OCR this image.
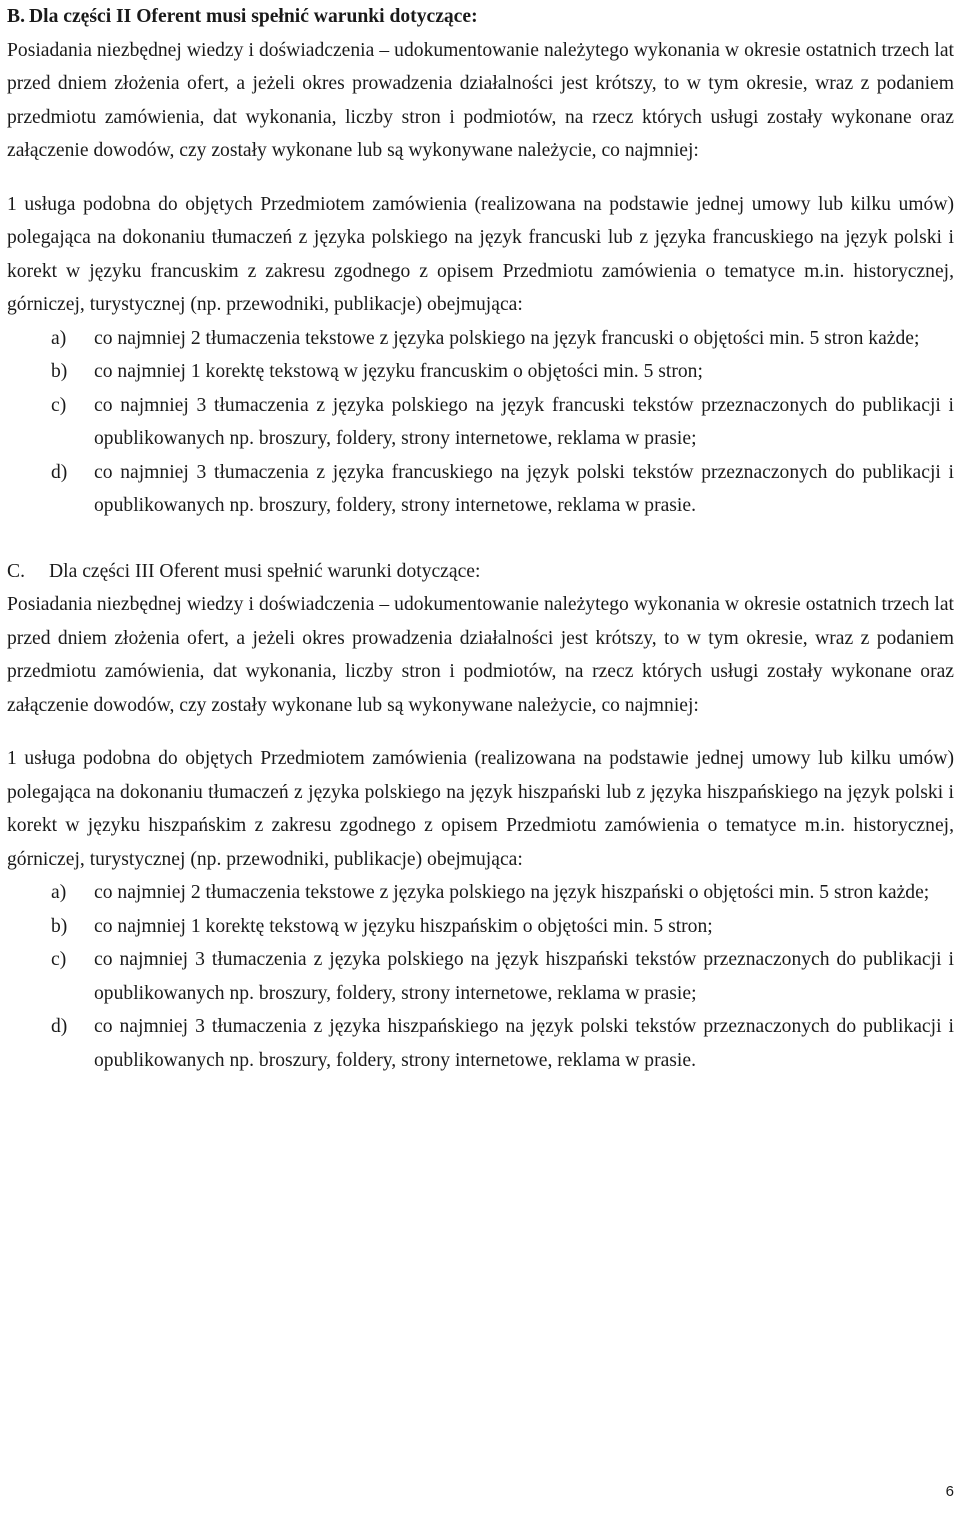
B. Dla części II Oferent musi spełnić warunki dotyczące:

Posiadania niezbędnej wiedzy i doświadczenia – udokumentowanie należytego wykonania w okresie ostatnich trzech lat przed dniem złożenia ofert, a jeżeli okres prowadzenia działalności jest krótszy, to w tym okresie, wraz z podaniem przedmiotu zamówienia, dat wykonania, liczby stron i podmiotów, na rzecz których usługi zostały wykonane oraz załączenie dowodów, czy zostały wykonane lub są wykonywane należycie, co najmniej:

1 usługa podobna do objętych Przedmiotem zamówienia (realizowana na podstawie jednej umowy lub kilku umów) polegająca na dokonaniu tłumaczeń z języka polskiego na język francuski lub z języka francuskiego na język polski i korekt w języku francuskim z zakresu zgodnego z opisem Przedmiotu zamówienia o tematyce m.in. historycznej, górniczej, turystycznej (np. przewodniki, publikacje) obejmująca:

a) co najmniej 2 tłumaczenia tekstowe z języka polskiego na język francuski o objętości min. 5 stron każde;
b) co najmniej 1 korektę tekstową w języku francuskim o objętości min. 5 stron;
c) co najmniej 3 tłumaczenia z języka polskiego na język francuski tekstów przeznaczonych do publikacji i opublikowanych np. broszury, foldery, strony internetowe, reklama w prasie;
d) co najmniej 3 tłumaczenia z języka francuskiego na język polski tekstów przeznaczonych do publikacji i opublikowanych np. broszury, foldery, strony internetowe, reklama w prasie.

C. Dla części III Oferent musi spełnić warunki dotyczące:

Posiadania niezbędnej wiedzy i doświadczenia – udokumentowanie należytego wykonania w okresie ostatnich trzech lat przed dniem złożenia ofert, a jeżeli okres prowadzenia działalności jest krótszy, to w tym okresie, wraz z podaniem przedmiotu zamówienia, dat wykonania, liczby stron i podmiotów, na rzecz których usługi zostały wykonane oraz załączenie dowodów, czy zostały wykonane lub są wykonywane należycie, co najmniej:

1 usługa podobna do objętych Przedmiotem zamówienia (realizowana na podstawie jednej umowy lub kilku umów) polegająca na dokonaniu tłumaczeń z języka polskiego na język hiszpański lub z języka hiszpańskiego na język polski i korekt w języku hiszpańskim z zakresu zgodnego z opisem Przedmiotu zamówienia o tematyce m.in. historycznej, górniczej, turystycznej (np. przewodniki, publikacje) obejmująca:

a) co najmniej 2 tłumaczenia tekstowe z języka polskiego na język hiszpański o objętości min. 5 stron każde;
b) co najmniej 1 korektę tekstową w języku hiszpańskim o objętości min. 5 stron;
c) co najmniej 3 tłumaczenia z języka polskiego na język hiszpański tekstów przeznaczonych do publikacji i opublikowanych np. broszury, foldery, strony internetowe, reklama w prasie;
d) co najmniej 3 tłumaczenia z języka hiszpańskiego na język polski tekstów przeznaczonych do publikacji i opublikowanych np. broszury, foldery, strony internetowe, reklama w prasie.
6
